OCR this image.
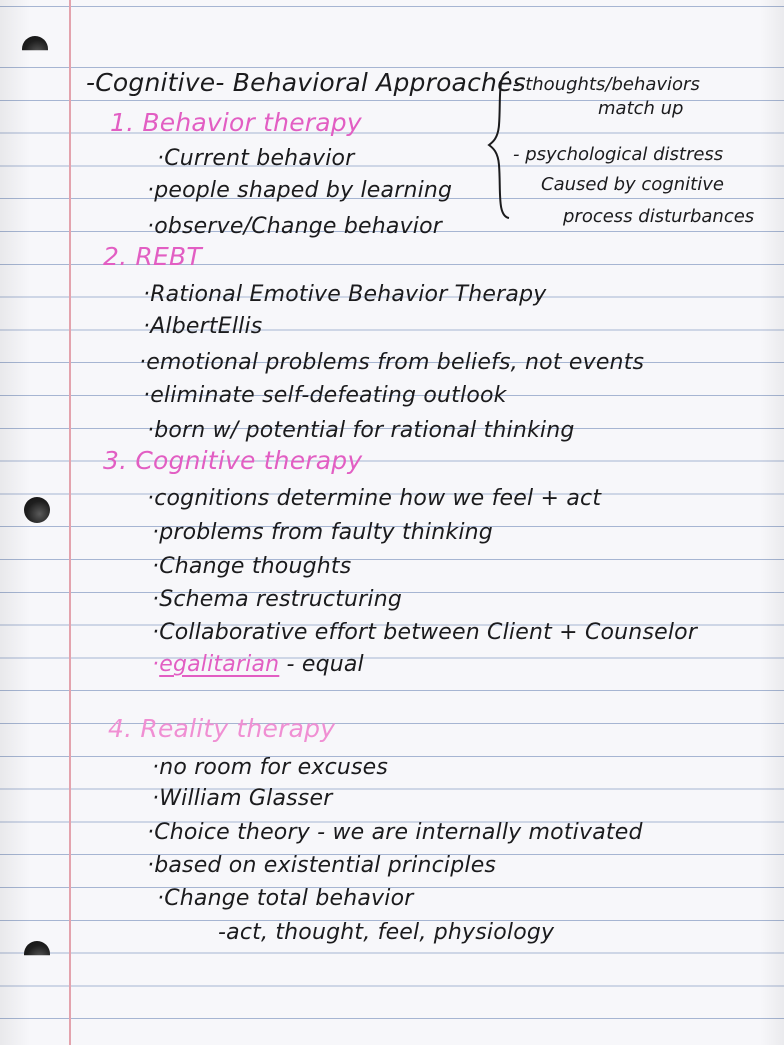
-Cognitive- Behavioral Approaches
- thoughts/behaviors
match up
- psychological distress
Caused by cognitive
process disturbances
1. Behavior therapy
·Current behavior
·people shaped by learning
·observe/Change behavior
2. REBT
·Rational Emotive Behavior Therapy
·AlbertEllis
·emotional problems from beliefs, not events
·eliminate self-defeating outlook
·born w/ potential for rational thinking
3. Cognitive therapy
·cognitions determine how we feel + act
·problems from faulty thinking
·Change thoughts
·Schema restructuring
·Collaborative effort between Client + Counselor
·egalitarian - equal
4. Reality therapy
·no room for excuses
·William Glasser
·Choice theory - we are internally motivated
·based on existential principles
·Change total behavior
-act, thought, feel, physiology
